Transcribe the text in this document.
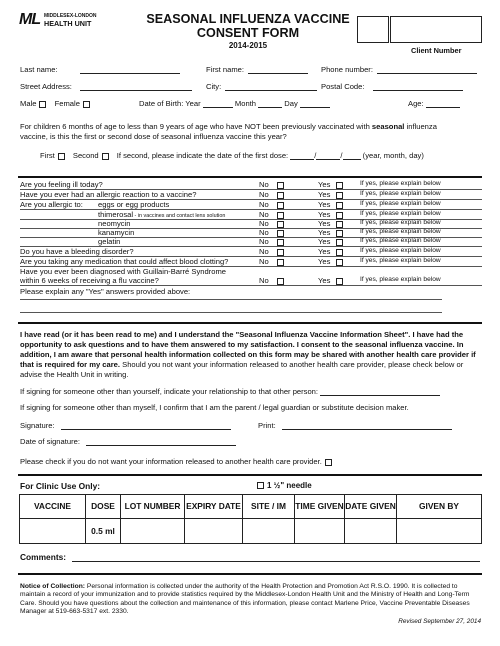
ML MIDDLESEX-LONDON
HEALTH UNIT	SEASONAL INFLUENZA VACCINE
CONSENT FORM
2014-2015
Client Number
Last name:	First name:	Phone number:
Street Address:	City:	Postal Code:
Male Female	Date of Birth: Year	Month	Day	Age:
For children 6 months of age to less than 9 years of age who have NOT been previously vaccinated with seasonal influenza
vaccine, is this the first or second dose of seasonal influenza vaccine this year?
First Second If second, please indicate the date of the first dose:	/	/	(year, month, day)
Are you feeling ill today?	No	Yes	If yes, please explain below
Have you ever had an allergic reaction to a vaccine?	No	Yes	If yes, please explain below
Are you allergic to: eggs or egg products	No	Yes	If yes, please explain below
thimerosal - in vaccines and contact lens solution	No	Yes	If yes, please explain below
neomycin	No	Yes	If yes, please explain below
kanamycin	No	Yes	If yes, please explain below
gelatin	No	Yes	If yes, please explain below
Do you have a bleeding disorder?	No	Yes	If yes, please explain below
Are you taking any medication that could affect blood clotting?	No	Yes	If yes, please explain below
Have you ever been diagnosed with Guillain-Barré Syndrome
within 6 weeks of receiving a flu vaccine?	No	Yes	If yes, please explain below
Please explain any "Yes" answers provided above:
I have read (or it has been read to me) and I understand the "Seasonal Influenza Vaccine Information Sheet". I have had the opportunity to ask questions and to have them answered to my satisfaction. I consent to the seasonal influenza vaccine. In addition, I am aware that personal health information collected on this form may be shared with another health care provider if that is required for my care. Should you not want your information released to another health care provider, please check below or advise the Health Unit in writing.
If signing for someone other than yourself, indicate your relationship to that other person:
If signing for someone other than myself, I confirm that I am the parent / legal guardian or substitute decision maker.
Signature:	Print:
Date of signature:
Please check if you do not want your information released to another health care provider.
For Clinic Use Only:	1 ½" needle
VACCINE	DOSE	LOT NUMBER	EXPIRY DATE	SITE / IM	TIME GIVEN	DATE GIVEN	GIVEN BY
	0.5 ml						
Comments:
Notice of Collection: Personal information is collected under the authority of the Health Protection and Promotion Act R.S.O. 1990. It is collected to maintain a record of your immunization and to provide statistics required by the Middlesex-London Health Unit and the Ministry of Health and Long-Term Care. Should you have questions about the collection and maintenance of this information, please contact Marlene Price, Vaccine Preventable Diseases Manager at 519-663-5317 ext. 2330.
Revised September 27, 2014
